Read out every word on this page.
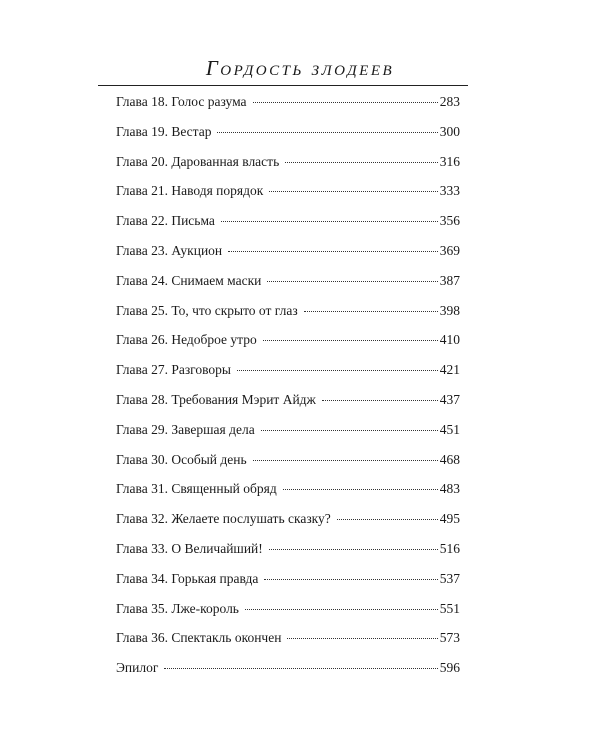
Гордость злодеев
Глава 18. Голос разума	283
Глава 19. Вестар	300
Глава 20. Дарованная власть	316
Глава 21. Наводя порядок	333
Глава 22. Письма	356
Глава 23. Аукцион	369
Глава 24. Снимаем маски	387
Глава 25. То, что скрыто от глаз	398
Глава 26. Недоброе утро	410
Глава 27. Разговоры	421
Глава 28. Требования Мэрит Айдж	437
Глава 29. Завершая дела	451
Глава 30. Особый день	468
Глава 31. Священный обряд	483
Глава 32. Желаете послушать сказку?	495
Глава 33. О Величайший!	516
Глава 34. Горькая правда	537
Глава 35. Лже-король	551
Глава 36. Спектакль окончен	573
Эпилог	596
